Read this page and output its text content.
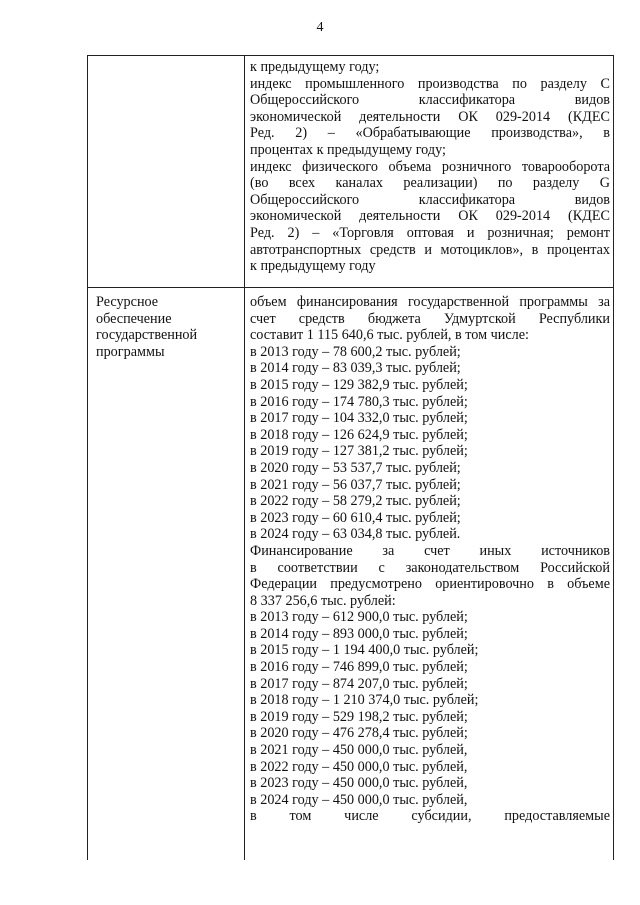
4
к предыдущему году;
индекс промышленного производства по разделу С
Общероссийского классификатора видов
экономической деятельности ОК 029-2014 (КДЕС
Ред. 2) – «Обрабатывающие производства», в
процентах к предыдущему году;
индекс физического объема розничного товарооборота
(во всех каналах реализации) по разделу G
Общероссийского классификатора видов
экономической деятельности ОК 029-2014 (КДЕС
Ред. 2) – «Торговля оптовая и розничная; ремонт
автотранспортных средств и мотоциклов», в процентах
к предыдущему году
Ресурсное
обеспечение
государственной
программы
объем финансирования государственной программы за
счет средств бюджета Удмуртской Республики
составит 1 115 640,6 тыс. рублей, в том числе:
в 2013 году – 78 600,2 тыс. рублей;
в 2014 году – 83 039,3 тыс. рублей;
в 2015 году – 129 382,9 тыс. рублей;
в 2016 году – 174 780,3 тыс. рублей;
в 2017 году – 104 332,0 тыс. рублей;
в 2018 году – 126 624,9 тыс. рублей;
в 2019 году – 127 381,2 тыс. рублей;
в 2020 году – 53 537,7 тыс. рублей;
в 2021 году – 56 037,7 тыс. рублей;
в 2022 году – 58 279,2 тыс. рублей;
в 2023 году – 60 610,4 тыс. рублей;
в 2024 году – 63 034,8 тыс. рублей.
Финансирование за счет иных источников
в соответствии с законодательством Российской
Федерации предусмотрено ориентировочно в объеме
8 337 256,6 тыс. рублей:
в 2013 году – 612 900,0 тыс. рублей;
в 2014 году – 893 000,0 тыс. рублей;
в 2015 году – 1 194 400,0 тыс. рублей;
в 2016 году – 746 899,0 тыс. рублей;
в 2017 году – 874 207,0 тыс. рублей;
в 2018 году – 1 210 374,0 тыс. рублей;
в 2019 году – 529 198,2 тыс. рублей;
в 2020 году – 476 278,4 тыс. рублей;
в 2021 году – 450 000,0 тыс. рублей,
в 2022 году – 450 000,0 тыс. рублей,
в 2023 году – 450 000,0 тыс. рублей,
в 2024 году – 450 000,0 тыс. рублей,
в том числе субсидии, предоставляемые
